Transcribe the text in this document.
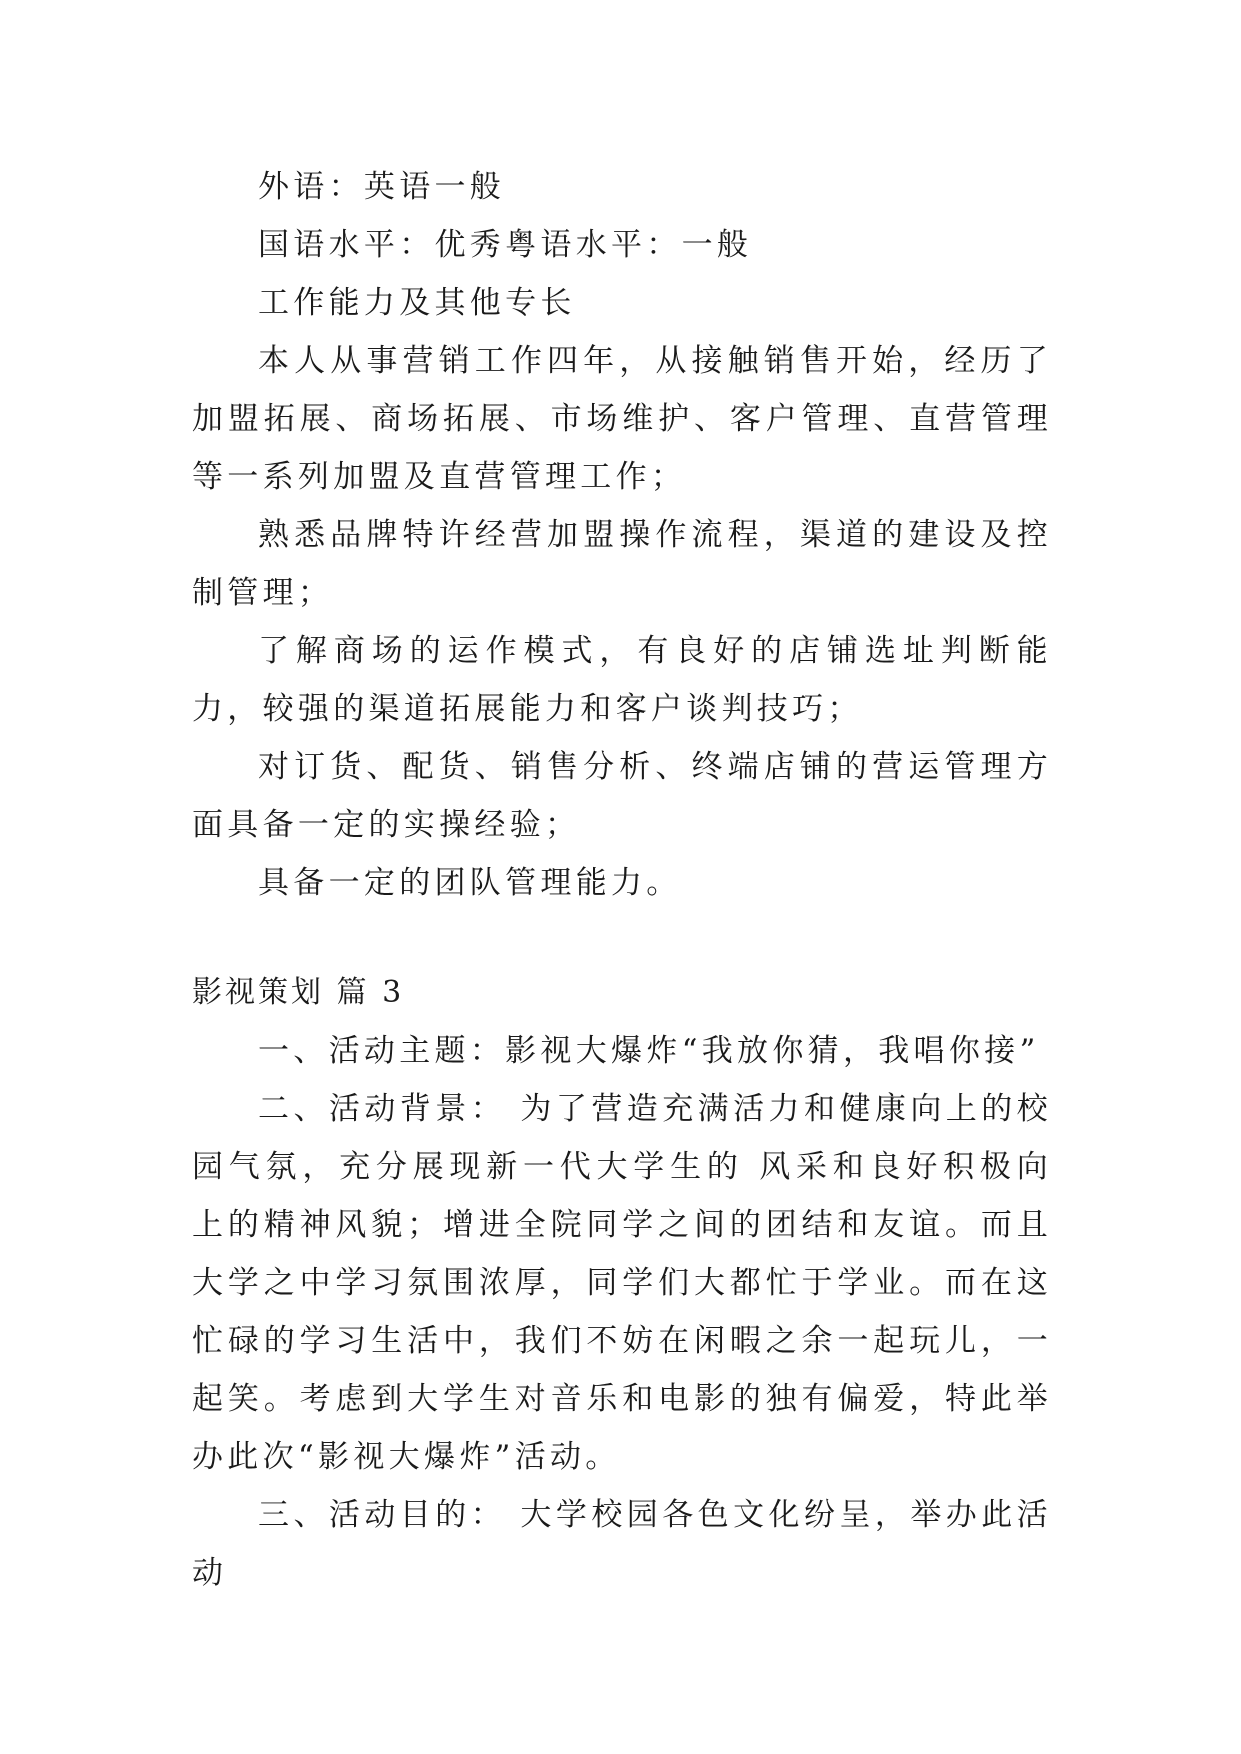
外语：英语一般

国语水平：优秀粤语水平：一般

工作能力及其他专长

本人从事营销工作四年，从接触销售开始，经历了加盟拓展、商场拓展、市场维护、客户管理、直营管理等一系列加盟及直营管理工作；

熟悉品牌特许经营加盟操作流程，渠道的建设及控制管理；

了解商场的运作模式，有良好的店铺选址判断能力，较强的渠道拓展能力和客户谈判技巧；

对订货、配货、销售分析、终端店铺的营运管理方面具备一定的实操经验；

具备一定的团队管理能力。

影视策划 篇 3

一、活动主题：影视大爆炸“我放你猜，我唱你接”

二、活动背景： 为了营造充满活力和健康向上的校园气氛，充分展现新一代大学生的 风采和良好积极向上的精神风貌；增进全院同学之间的团结和友谊。而且大学之中学习氛围浓厚，同学们大都忙于学业。而在这忙碌的学习生活中，我们不妨在闲暇之余一起玩儿，一起笑。考虑到大学生对音乐和电影的独有偏爱，特此举办此次“影视大爆炸”活动。

三、活动目的： 大学校园各色文化纷呈，举办此活动
